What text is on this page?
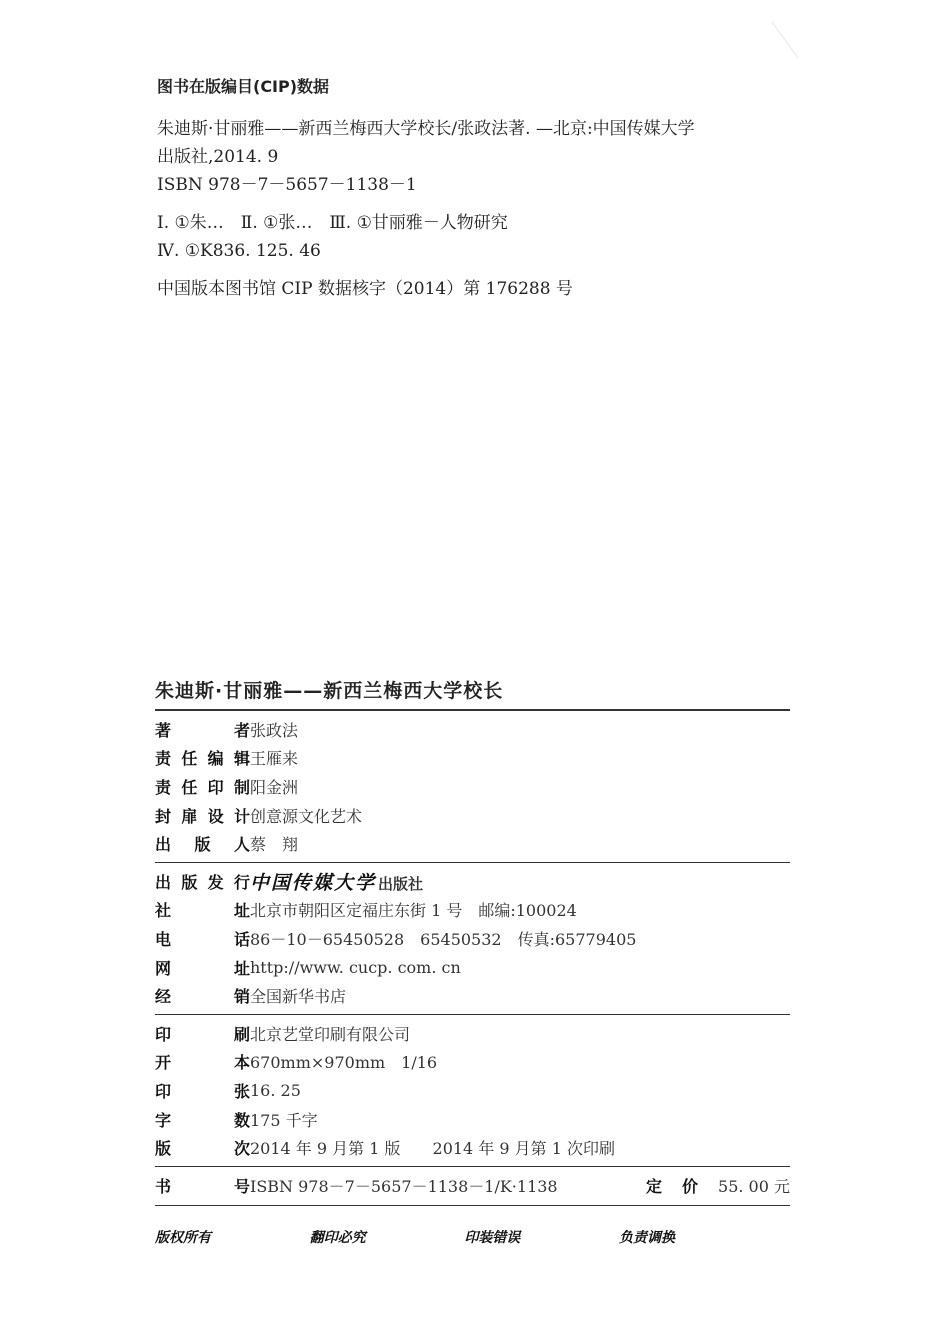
图书在版编目(CIP)数据
朱迪斯·甘丽雅——新西兰梅西大学校长/张政法著. —北京:中国传媒大学
出版社,2014. 9
ISBN 978－7－5657－1138－1
Ⅰ. ①朱…　Ⅱ. ①张…　Ⅲ. ①甘丽雅－人物研究
Ⅳ. ①K836. 125. 46
中国版本图书馆 CIP 数据核字（2014）第 176288 号
朱迪斯·甘丽雅——新西兰梅西大学校长
著	者 张政法
责 任 编 辑 王雁来
责 任 印 制 阳金洲
封 扉 设 计 创意源文化艺术
出 版 人 蔡　翔
出 版 发 行 中国传媒大学 出版社
社	址 北京市朝阳区定福庄东街 1 号　邮编:100024
电	话 86－10－65450528　65450532　传真:65779405
网	址 http://www. cucp. com. cn
经	销 全国新华书店
印	刷 北京艺堂印刷有限公司
开	本 670mm×970mm　1/16
印	张 16. 25
字	数 175 千字
版	次 2014 年 9 月第 1 版　　2014 年 9 月第 1 次印刷
书	号 ISBN 978－7－5657－1138－1/K·1138	定 价 55. 00 元
版权所有	翻印必究	印装错误	负责调换
